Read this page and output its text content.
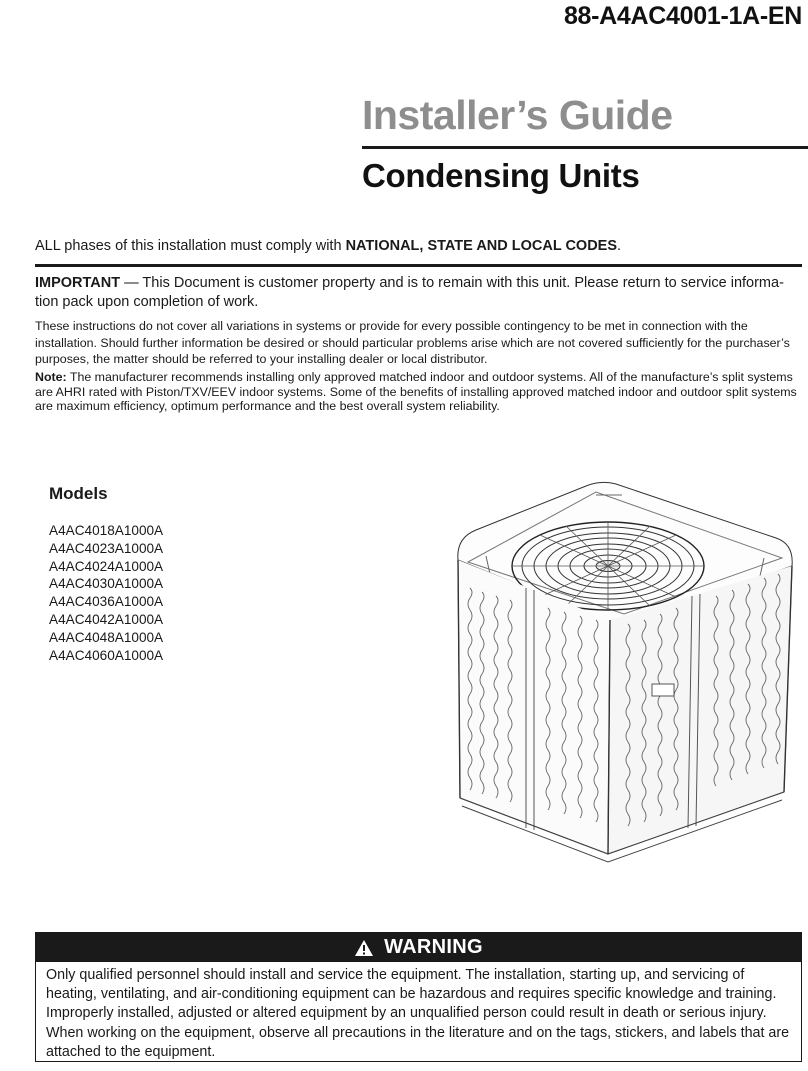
88-A4AC4001-1A-EN
Installer’s Guide
Condensing Units

ALL phases of this installation must comply with NATIONAL, STATE AND LOCAL CODES.

IMPORTANT — This Document is customer property and is to remain with this unit. Please return to service information pack upon completion of work.

These instructions do not cover all variations in systems or provide for every possible contingency to be met in connection with the installation. Should further information be desired or should particular problems arise which are not covered sufficiently for the purchaser’s purposes, the matter should be referred to your installing dealer or local distributor.

Note: The manufacturer recommends installing only approved matched indoor and outdoor systems. All of the manufacture’s split systems are AHRI rated with Piston/TXV/EEV indoor systems. Some of the benefits of installing approved matched indoor and outdoor split systems are maximum efficiency, optimum performance and the best overall system reliability.

Models
A4AC4018A1000A
A4AC4023A1000A
A4AC4024A1000A
A4AC4030A1000A
A4AC4036A1000A
A4AC4042A1000A
A4AC4048A1000A
A4AC4060A1000A
WARNING

Only qualified personnel should install and service the equipment. The installation, starting up, and servicing of heating, ventilating, and air-conditioning equipment can be hazardous and requires specific knowledge and training. Improperly installed, adjusted or altered equipment by an unqualified person could result in death or serious injury. When working on the equipment, observe all precautions in the literature and on the tags, stickers, and labels that are attached to the equipment.
